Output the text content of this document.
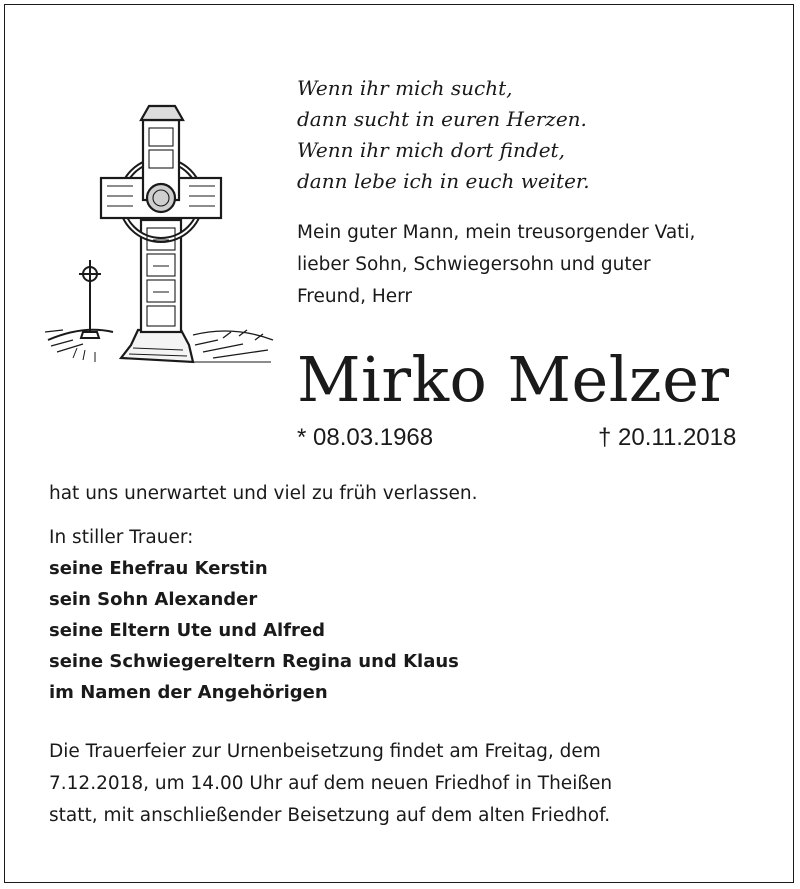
Wenn ihr mich sucht,
dann sucht in euren Herzen.
Wenn ihr mich dort findet,
dann lebe ich in euch weiter.
Mein guter Mann, mein treusorgender Vati,
lieber Sohn, Schwiegersohn und guter
Freund, Herr
Mirko Melzer
* 08.03.1968	† 20.11.2018
hat uns unerwartet und viel zu früh verlassen.
In stiller Trauer:
seine Ehefrau Kerstin
sein Sohn Alexander
seine Eltern Ute und Alfred
seine Schwiegereltern Regina und Klaus
im Namen der Angehörigen
Die Trauerfeier zur Urnenbeisetzung findet am Freitag, dem
7.12.2018, um 14.00 Uhr auf dem neuen Friedhof in Theißen
statt, mit anschließender Beisetzung auf dem alten Friedhof.
